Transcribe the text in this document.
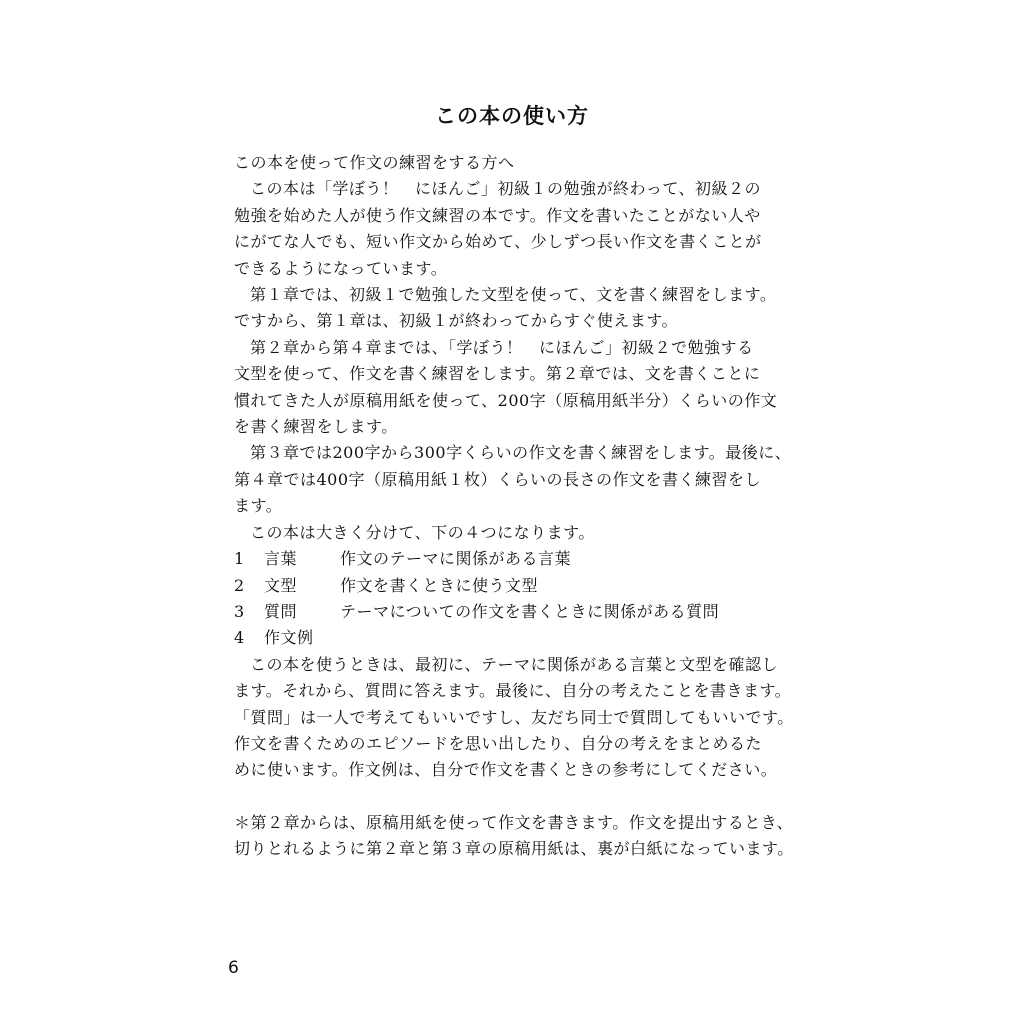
この本の使い方

この本を使って作文の練習をする方へ

この本は「学ぼう！　にほんご」初級１の勉強が終わって、初級２の

勉強を始めた人が使う作文練習の本です。作文を書いたことがない人や

にがてな人でも、短い作文から始めて、少しずつ長い作文を書くことが

できるようになっています。

第１章では、初級１で勉強した文型を使って、文を書く練習をします。

ですから、第１章は、初級１が終わってからすぐ使えます。

第２章から第４章までは、「学ぼう！　にほんご」初級２で勉強する

文型を使って、作文を書く練習をします。第２章では、文を書くことに

慣れてきた人が原稿用紙を使って、200字（原稿用紙半分）くらいの作文

を書く練習をします。

第３章では200字から300字くらいの作文を書く練習をします。最後に、

第４章では400字（原稿用紙１枚）くらいの長さの作文を書く練習をし

ます。

この本は大きく分けて、下の４つになります。

1	言葉	作文のテーマに関係がある言葉
2	文型	作文を書くときに使う文型
3	質問	テーマについての作文を書くときに関係がある質問
4	作文例

この本を使うときは、最初に、テーマに関係がある言葉と文型を確認し

ます。それから、質問に答えます。最後に、自分の考えたことを書きます。

「質問」は一人で考えてもいいですし、友だち同士で質問してもいいです。

作文を書くためのエピソードを思い出したり、自分の考えをまとめるた

めに使います。作文例は、自分で作文を書くときの参考にしてください。

＊第２章からは、原稿用紙を使って作文を書きます。作文を提出するとき、

切りとれるように第２章と第３章の原稿用紙は、裏が白紙になっています。

6
